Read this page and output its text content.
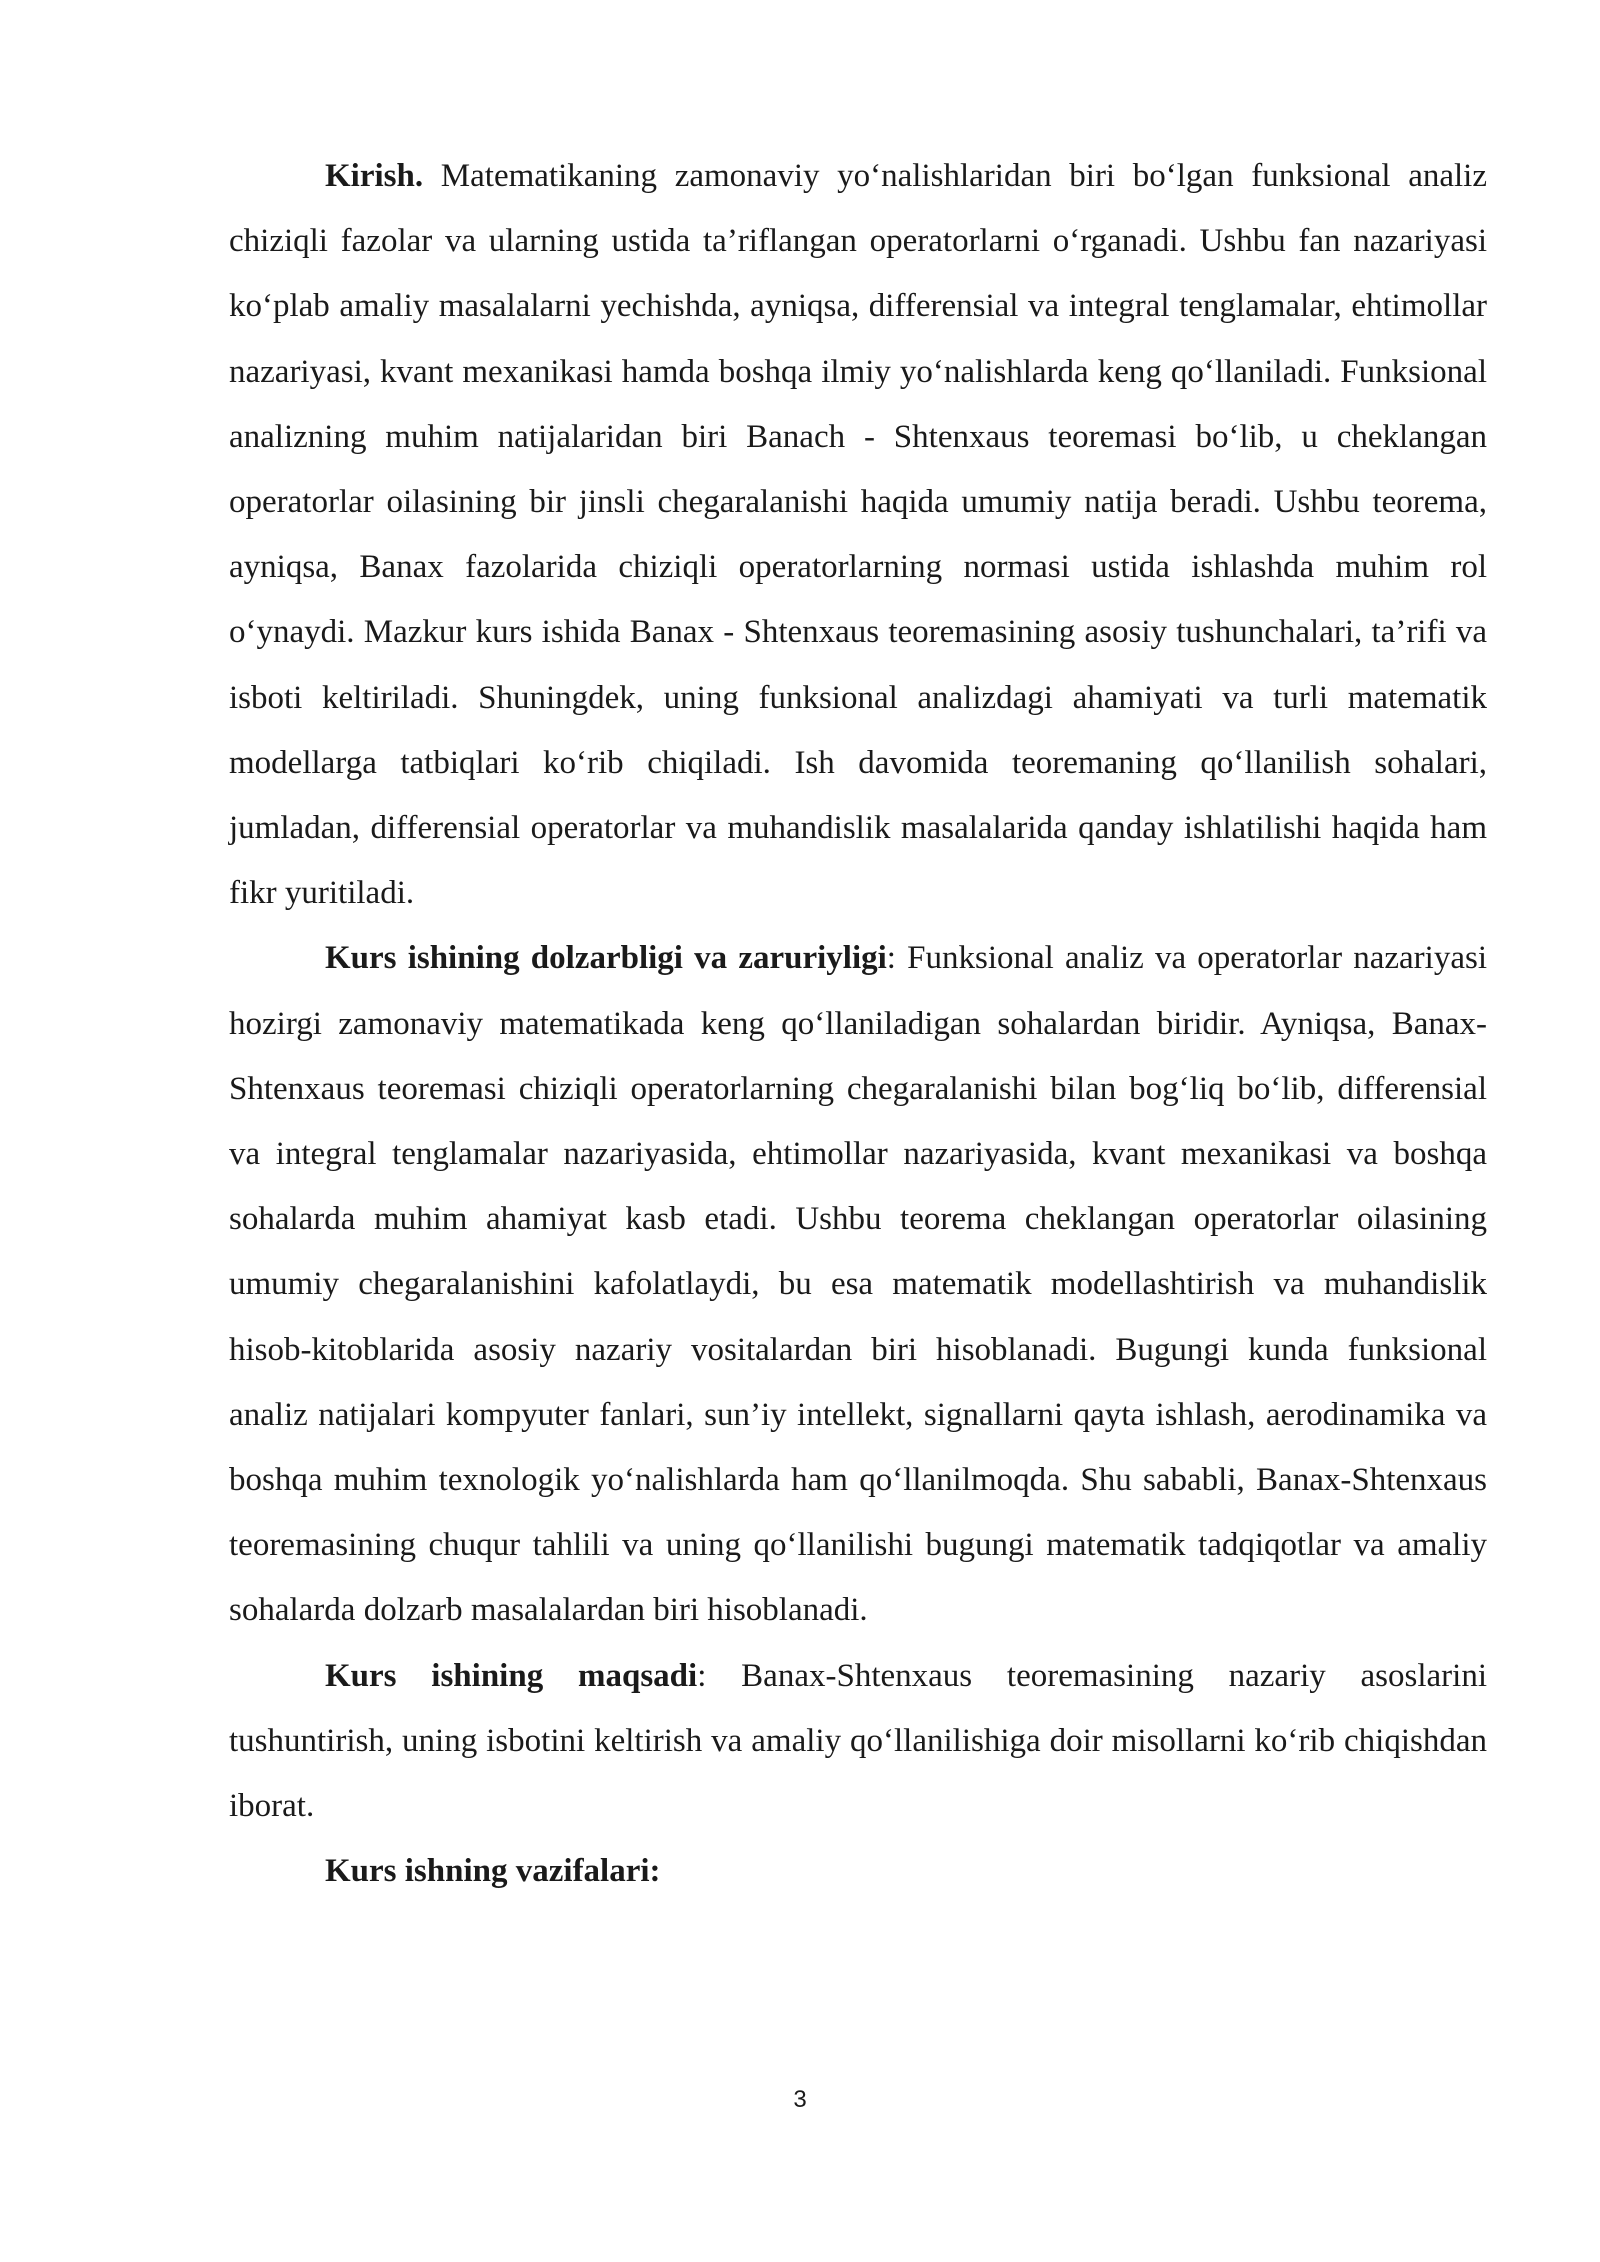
Kirish. Matematikaning zamonaviy yo‘nalishlaridan biri bo‘lgan funksional analiz chiziqli fazolar va ularning ustida ta’riflangan operatorlarni o‘rganadi. Ushbu fan nazariyasi ko‘plab amaliy masalalarni yechishda, ayniqsa, differensial va integral tenglamalar, ehtimollar nazariyasi, kvant mexanikasi hamda boshqa ilmiy yo‘nalishlarda keng qo‘llaniladi. Funksional analizning muhim natijalaridan biri Banach - Shtenxaus teoremasi bo‘lib, u cheklangan operatorlar oilasining bir jinsli chegaralanishi haqida umumiy natija beradi. Ushbu teorema, ayniqsa, Banax fazolarida chiziqli operatorlarning normasi ustida ishlashda muhim rol o‘ynaydi. Mazkur kurs ishida Banax - Shtenxaus teoremasining asosiy tushunchalari, ta’rifi va isboti keltiriladi. Shuningdek, uning funksional analizdagi ahamiyati va turli matematik modellarga tatbiqlari ko‘rib chiqiladi. Ish davomida teoremaning qo‘llanilish sohalari, jumladan, differensial operatorlar va muhandislik masalalarida qanday ishlatilishi haqida ham fikr yuritiladi.

Kurs ishining dolzarbligi va zaruriyligi: Funksional analiz va operatorlar nazariyasi hozirgi zamonaviy matematikada keng qo‘llaniladigan sohalardan biridir. Ayniqsa, Banax-Shtenxaus teoremasi chiziqli operatorlarning chegaralanishi bilan bog‘liq bo‘lib, differensial va integral tenglamalar nazariyasida, ehtimollar nazariyasida, kvant mexanikasi va boshqa sohalarda muhim ahamiyat kasb etadi. Ushbu teorema cheklangan operatorlar oilasining umumiy chegaralanishini kafolatlaydi, bu esa matematik modellashtirish va muhandislik hisob-kitoblarida asosiy nazariy vositalardan biri hisoblanadi. Bugungi kunda funksional analiz natijalari kompyuter fanlari, sun’iy intellekt, signallarni qayta ishlash, aerodinamika va boshqa muhim texnologik yo‘nalishlarda ham qo‘llanilmoqda. Shu sababli, Banax-Shtenxaus teoremasining chuqur tahlili va uning qo‘llanilishi bugungi matematik tadqiqotlar va amaliy sohalarda dolzarb masalalardan biri hisoblanadi.

Kurs ishining maqsadi: Banax-Shtenxaus teoremasining nazariy asoslarini tushuntirish, uning isbotini keltirish va amaliy qo‘llanilishiga doir misollarni ko‘rib chiqishdan iborat.

Kurs ishning vazifalari:

3
